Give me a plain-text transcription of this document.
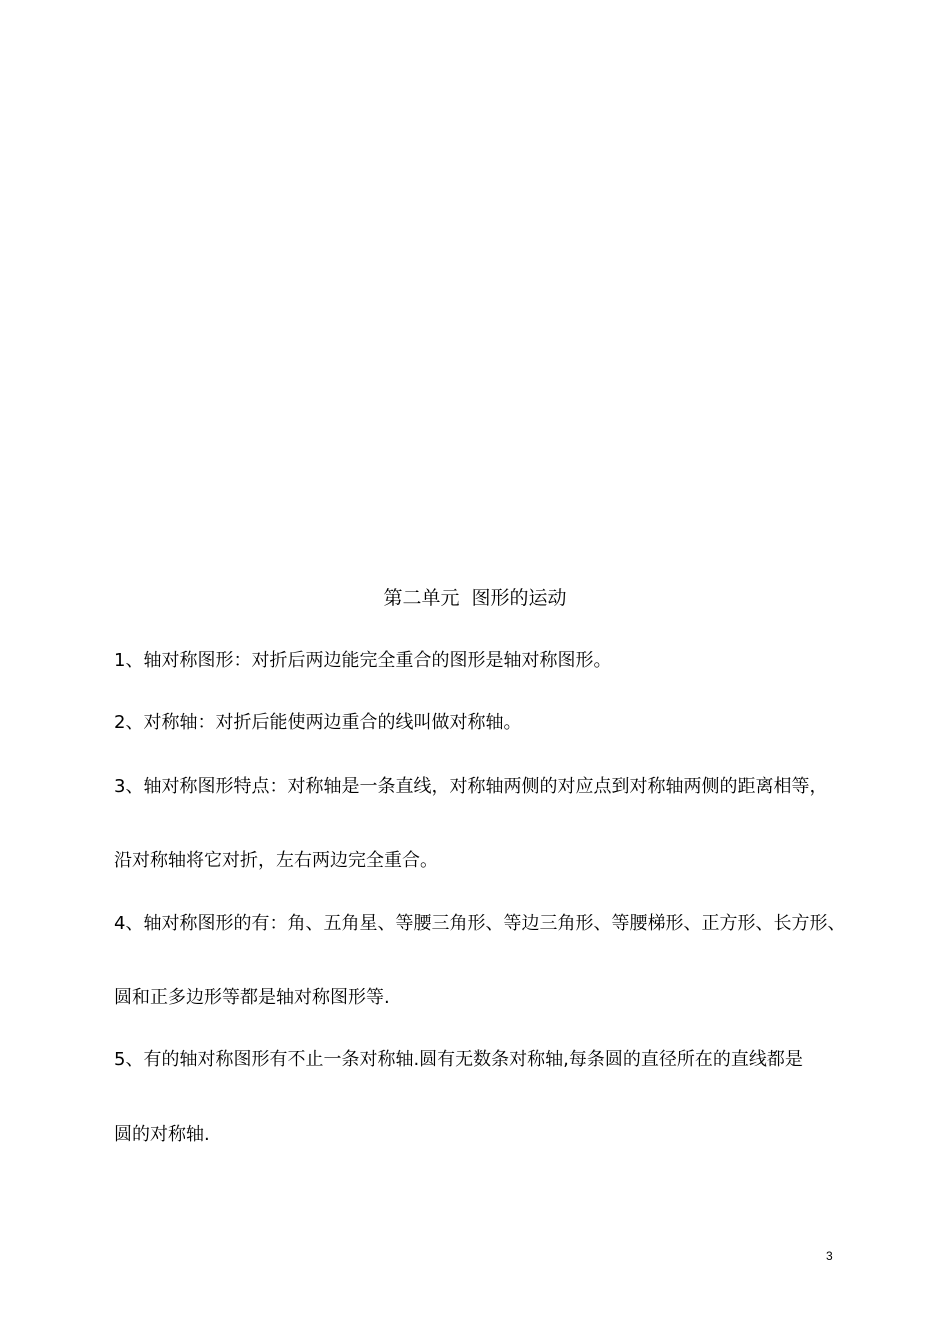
第二单元  图形的运动
1、轴对称图形：对折后两边能完全重合的图形是轴对称图形。
2、对称轴：对折后能使两边重合的线叫做对称轴。
3、轴对称图形特点：对称轴是一条直线，对称轴两侧的对应点到对称轴两侧的距离相等，
沿对称轴将它对折，左右两边完全重合。
4、轴对称图形的有：角、五角星、等腰三角形、等边三角形、等腰梯形、正方形、长方形、
圆和正多边形等都是轴对称图形等.
5、有的轴对称图形有不止一条对称轴.圆有无数条对称轴,每条圆的直径所在的直线都是
圆的对称轴.
3
